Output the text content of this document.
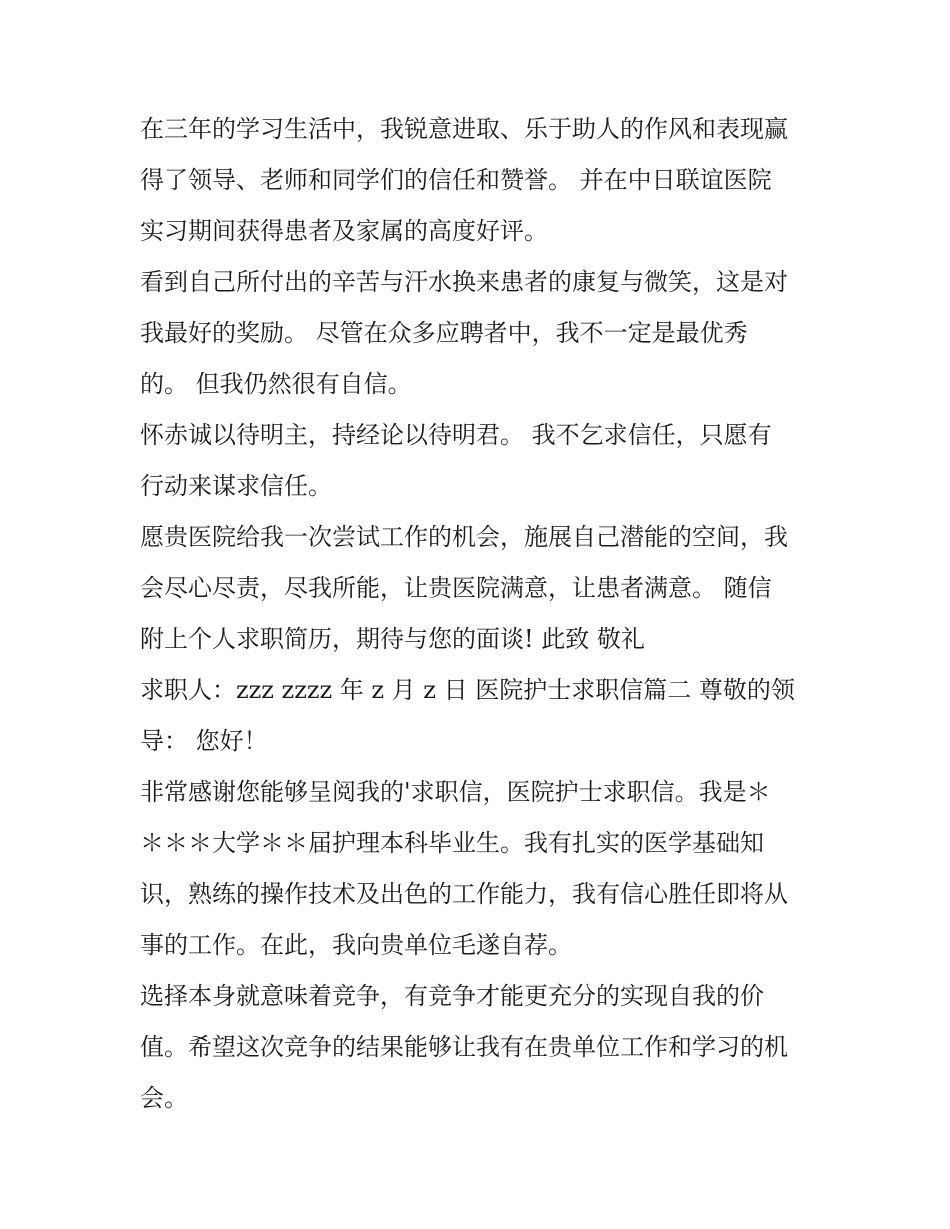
在三年的学习生活中，我锐意进取、乐于助人的作风和表现赢
得了领导、老师和同学们的信任和赞誉。 并在中日联谊医院
实习期间获得患者及家属的高度好评。
看到自己所付出的辛苦与汗水换来患者的康复与微笑，这是对
我最好的奖励。 尽管在众多应聘者中，我不一定是最优秀
的。 但我仍然很有自信。
怀赤诚以待明主，持经论以待明君。 我不乞求信任，只愿有
行动来谋求信任。
愿贵医院给我一次尝试工作的机会，施展自己潜能的空间，我
会尽心尽责，尽我所能，让贵医院满意，让患者满意。 随信
附上个人求职简历，期待与您的面谈! 此致 敬礼
求职人：zzz zzzz 年 z 月 z 日 医院护士求职信篇二 尊敬的领
导： 您好！
非常感谢您能够呈阅我的'求职信，医院护士求职信。我是＊
＊＊＊大学＊＊届护理本科毕业生。我有扎实的医学基础知
识，熟练的操作技术及出色的工作能力，我有信心胜任即将从
事的工作。在此，我向贵单位毛遂自荐。
选择本身就意味着竞争，有竞争才能更充分的实现自我的价
值。希望这次竞争的结果能够让我有在贵单位工作和学习的机
会。
